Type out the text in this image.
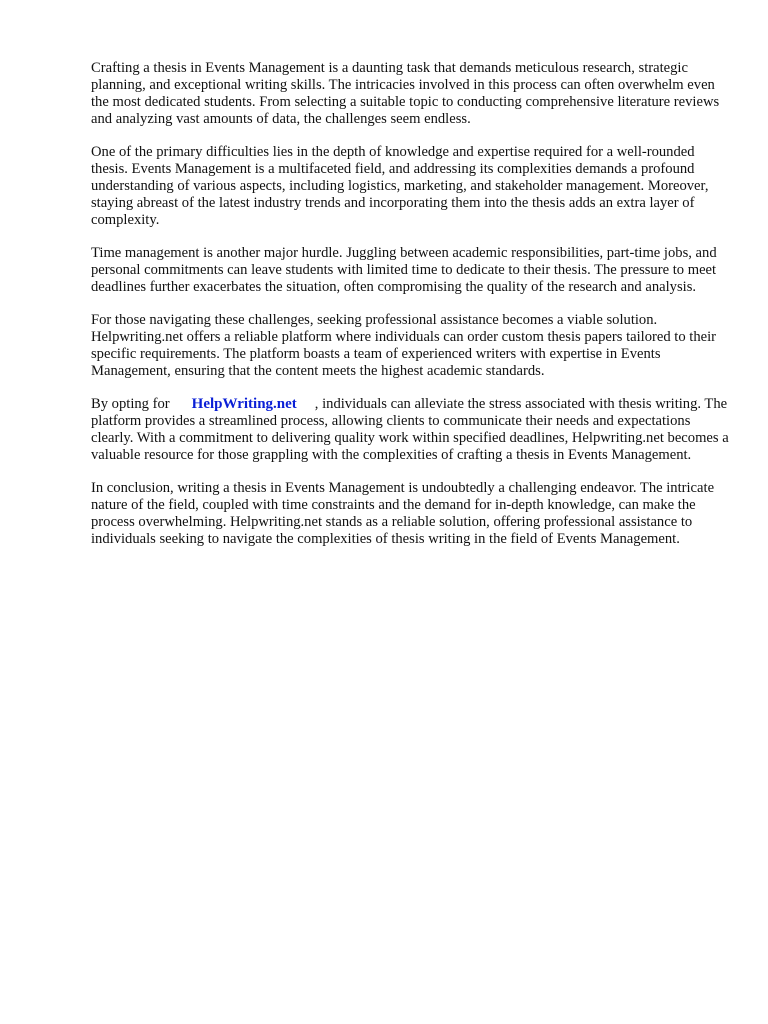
Crafting a thesis in Events Management is a daunting task that demands meticulous research, strategic planning, and exceptional writing skills. The intricacies involved in this process can often overwhelm even the most dedicated students. From selecting a suitable topic to conducting comprehensive literature reviews and analyzing vast amounts of data, the challenges seem endless.

One of the primary difficulties lies in the depth of knowledge and expertise required for a well-rounded thesis. Events Management is a multifaceted field, and addressing its complexities demands a profound understanding of various aspects, including logistics, marketing, and stakeholder management. Moreover, staying abreast of the latest industry trends and incorporating them into the thesis adds an extra layer of complexity.

Time management is another major hurdle. Juggling between academic responsibilities, part-time jobs, and personal commitments can leave students with limited time to dedicate to their thesis. The pressure to meet deadlines further exacerbates the situation, often compromising the quality of the research and analysis.

For those navigating these challenges, seeking professional assistance becomes a viable solution. Helpwriting.net offers a reliable platform where individuals can order custom thesis papers tailored to their specific requirements. The platform boasts a team of experienced writers with expertise in Events Management, ensuring that the content meets the highest academic standards.

By opting for HelpWriting.net , individuals can alleviate the stress associated with thesis writing. The platform provides a streamlined process, allowing clients to communicate their needs and expectations clearly. With a commitment to delivering quality work within specified deadlines, Helpwriting.net becomes a valuable resource for those grappling with the complexities of crafting a thesis in Events Management.

In conclusion, writing a thesis in Events Management is undoubtedly a challenging endeavor. The intricate nature of the field, coupled with time constraints and the demand for in-depth knowledge, can make the process overwhelming. Helpwriting.net stands as a reliable solution, offering professional assistance to individuals seeking to navigate the complexities of thesis writing in the field of Events Management.
